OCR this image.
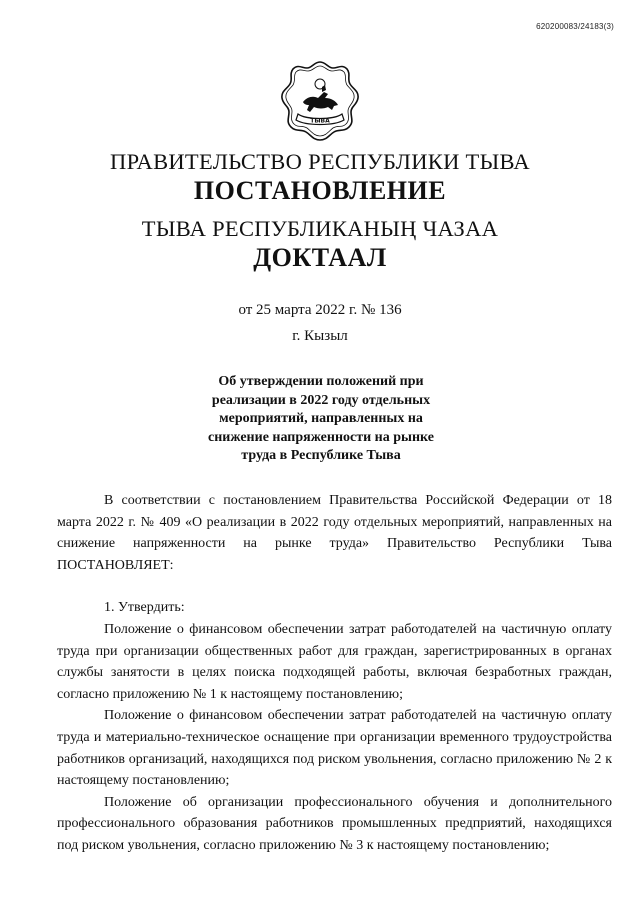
620200083/24183(3)
ТЫВА
ПРАВИТЕЛЬСТВО РЕСПУБЛИКИ ТЫВА
ПОСТАНОВЛЕНИЕ
ТЫВА РЕСПУБЛИКАНЫҢ ЧАЗАА
ДОКТААЛ
от 25 марта 2022 г. № 136
г. Кызыл
Об утверждении положений при реализации в 2022 году отдельных мероприятий, направленных на снижение напряженности на рынке труда в Республике Тыва

В соответствии с постановлением Правительства Российской Федерации от 18 марта 2022 г. № 409 «О реализации в 2022 году отдельных мероприятий, направленных на снижение напряженности на рынке труда» Правительство Республики Тыва ПОСТАНОВЛЯЕТ:

1. Утвердить:

Положение о финансовом обеспечении затрат работодателей на частичную оплату труда при организации общественных работ для граждан, зарегистрированных в органах службы занятости в целях поиска подходящей работы, включая безработных граждан, согласно приложению № 1 к настоящему постановлению;

Положение о финансовом обеспечении затрат работодателей на частичную оплату труда и материально-техническое оснащение при организации временного трудоустройства работников организаций, находящихся под риском увольнения, согласно приложению № 2 к настоящему постановлению;

Положение об организации профессионального обучения и дополнительного профессионального образования работников промышленных предприятий, находящихся под риском увольнения, согласно приложению № 3 к настоящему постановлению;
